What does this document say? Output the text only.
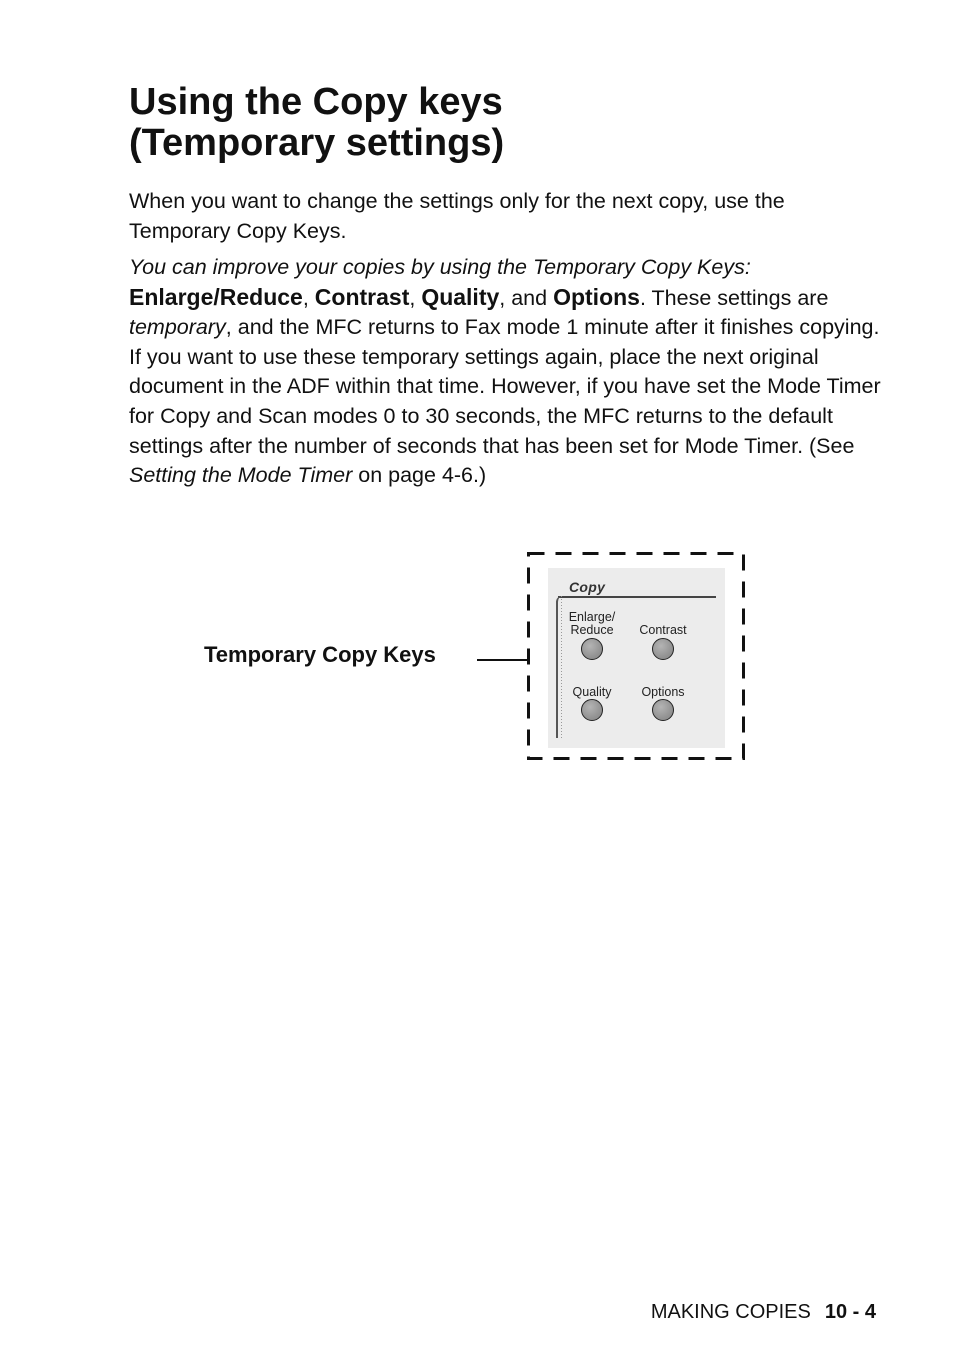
Using the Copy keys
(Temporary settings)

When you want to change the settings only for the next copy, use the Temporary Copy Keys.

You can improve your copies by using the Temporary Copy Keys:
Enlarge/Reduce, Contrast, Quality, and Options. These settings are temporary, and the MFC returns to Fax mode 1 minute after it finishes copying. If you want to use these temporary settings again, place the next original document in the ADF within that time. However, if you have set the Mode Timer for Copy and Scan modes 0 to 30 seconds, the MFC returns to the default settings after the number of seconds that has been set for Mode Timer. (See Setting the Mode Timer on page 4-6.)

Temporary Copy Keys
Copy
Enlarge/
Reduce	Contrast
Quality	Options
MAKING COPIES 10 - 4
